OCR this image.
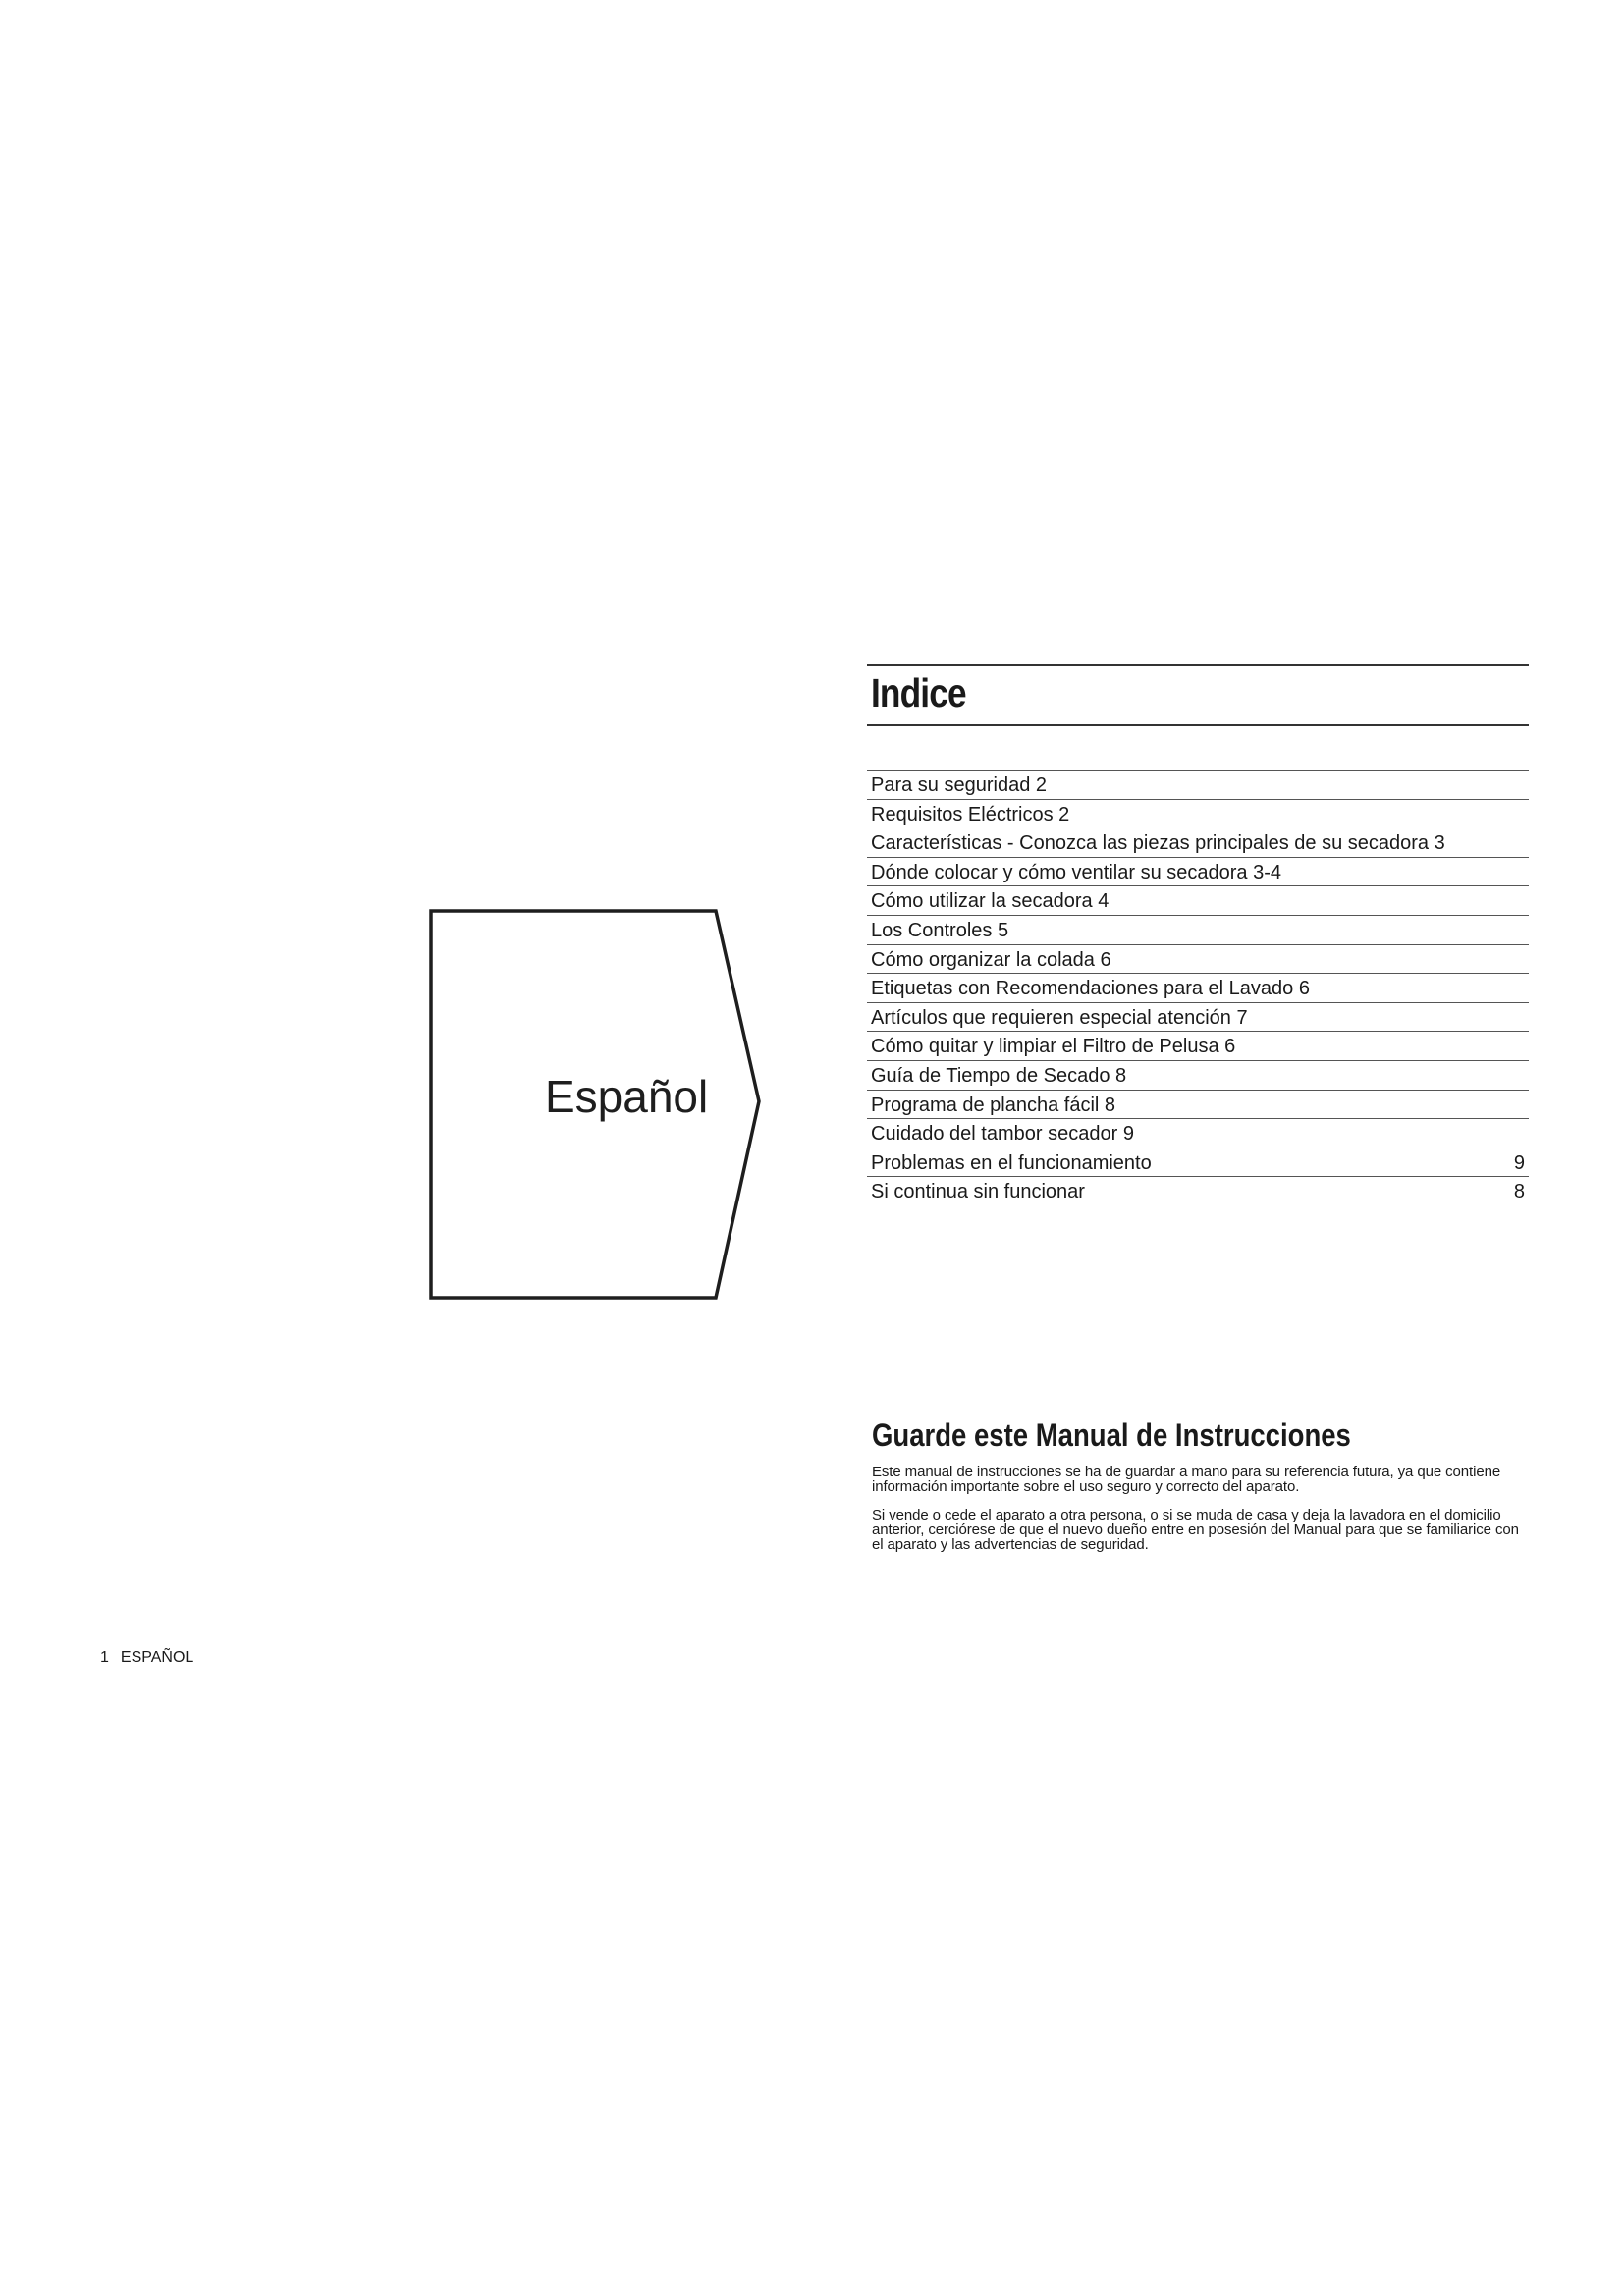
Español
Indice
Para su seguridad 2
Requisitos Eléctricos 2
Características - Conozca las piezas principales de su secadora 3
Dónde colocar y cómo ventilar su secadora 3-4
Cómo utilizar la secadora 4
Los Controles 5
Cómo organizar la colada 6
Etiquetas con Recomendaciones para el Lavado 6
Artículos que requieren especial atención 7
Cómo quitar y limpiar el Filtro de Pelusa 6
Guía de Tiempo de Secado 8
Programa de plancha fácil 8
Cuidado del tambor secador 9
Problemas en el funcionamiento	9
Si continua sin funcionar	8
Guarde este Manual de Instrucciones

Este manual de instrucciones se ha de guardar a mano para su referencia futura, ya que contiene información importante sobre el uso seguro y correcto del aparato.

Si vende o cede el aparato a otra persona, o si se muda de casa y deja la lavadora en el domicilio anterior, cerciórese de que el nuevo dueño entre en posesión del Manual para que se familiarice con el aparato y las advertencias de seguridad.

1 ESPAÑOL
